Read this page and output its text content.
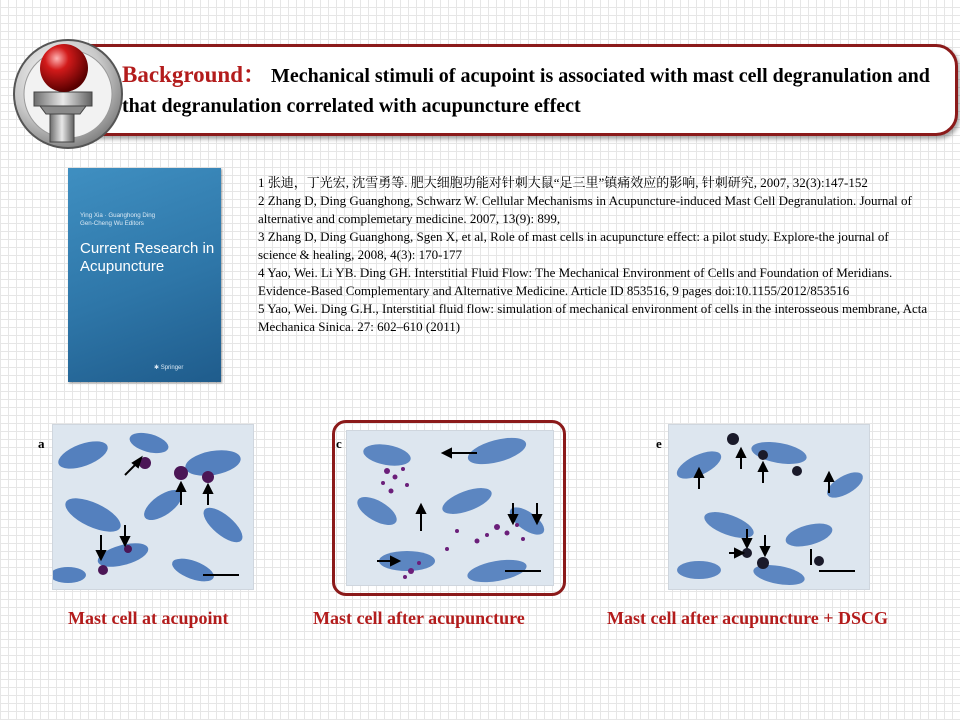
Background： Mechanical stimuli of acupoint is associated with mast cell degranulation and that degranulation correlated with acupuncture effect
Ying Xia · Guanghong Ding
Gen-Cheng Wu Editors
Current Research in Acupuncture
✱ Springer
1 张迪，丁光宏, 沈雪勇等. 肥大细胞功能对针刺大鼠“足三里”镇痛效应的影响, 针刺研究, 2007, 32(3):147-152
2 Zhang D, Ding Guanghong, Schwarz W. Cellular Mechanisms in Acupuncture-induced Mast Cell Degranulation. Journal of alternative and complemetary medicine. 2007, 13(9): 899,
3 Zhang D, Ding Guanghong, Sgen X, et al, Role of mast cells in acupuncture effect: a pilot study. Explore-the journal of science & healing, 2008, 4(3): 170-177
4 Yao, Wei. Li YB. Ding GH. Interstitial Fluid Flow: The Mechanical Environment of Cells and Foundation of Meridians. Evidence-Based Complementary and Alternative Medicine. Article ID 853516, 9 pages doi:10.1155/2012/853516
5 Yao, Wei. Ding G.H., Interstitial fluid flow: simulation of mechanical environment of cells in the interosseous membrane, Acta Mechanica Sinica. 27: 602–610 (2011)
a	c	e
Mast cell at acupoint	Mast cell after acupuncture	Mast cell after acupuncture + DSCG
